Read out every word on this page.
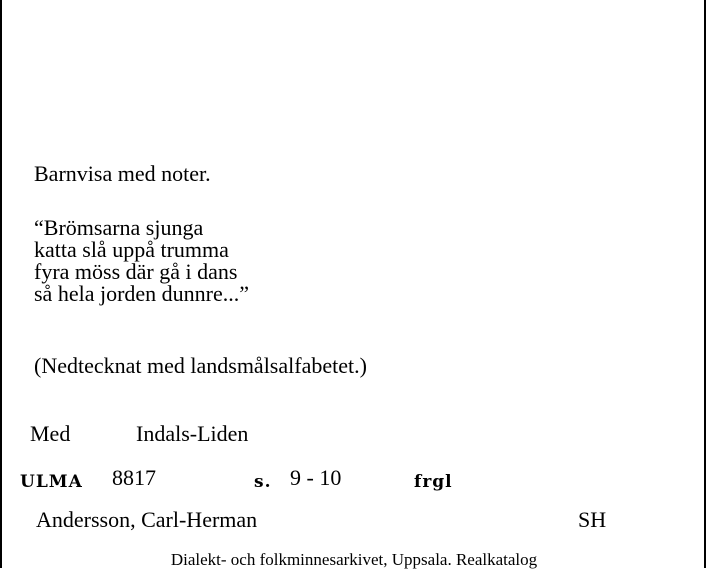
Barnvisa med noter.
“Brömsarna sjunga
katta slå uppå trumma
fyra möss där gå i dans
så hela jorden dunnre...”
(Nedtecknat med landsmålsalfabetet.)
Med	Indals-Liden
ULMA 8817	s. 9 - 10	frgl
Andersson, Carl-Herman	SH
Dialekt- och folkminnesarkivet, Uppsala. Realkatalog
